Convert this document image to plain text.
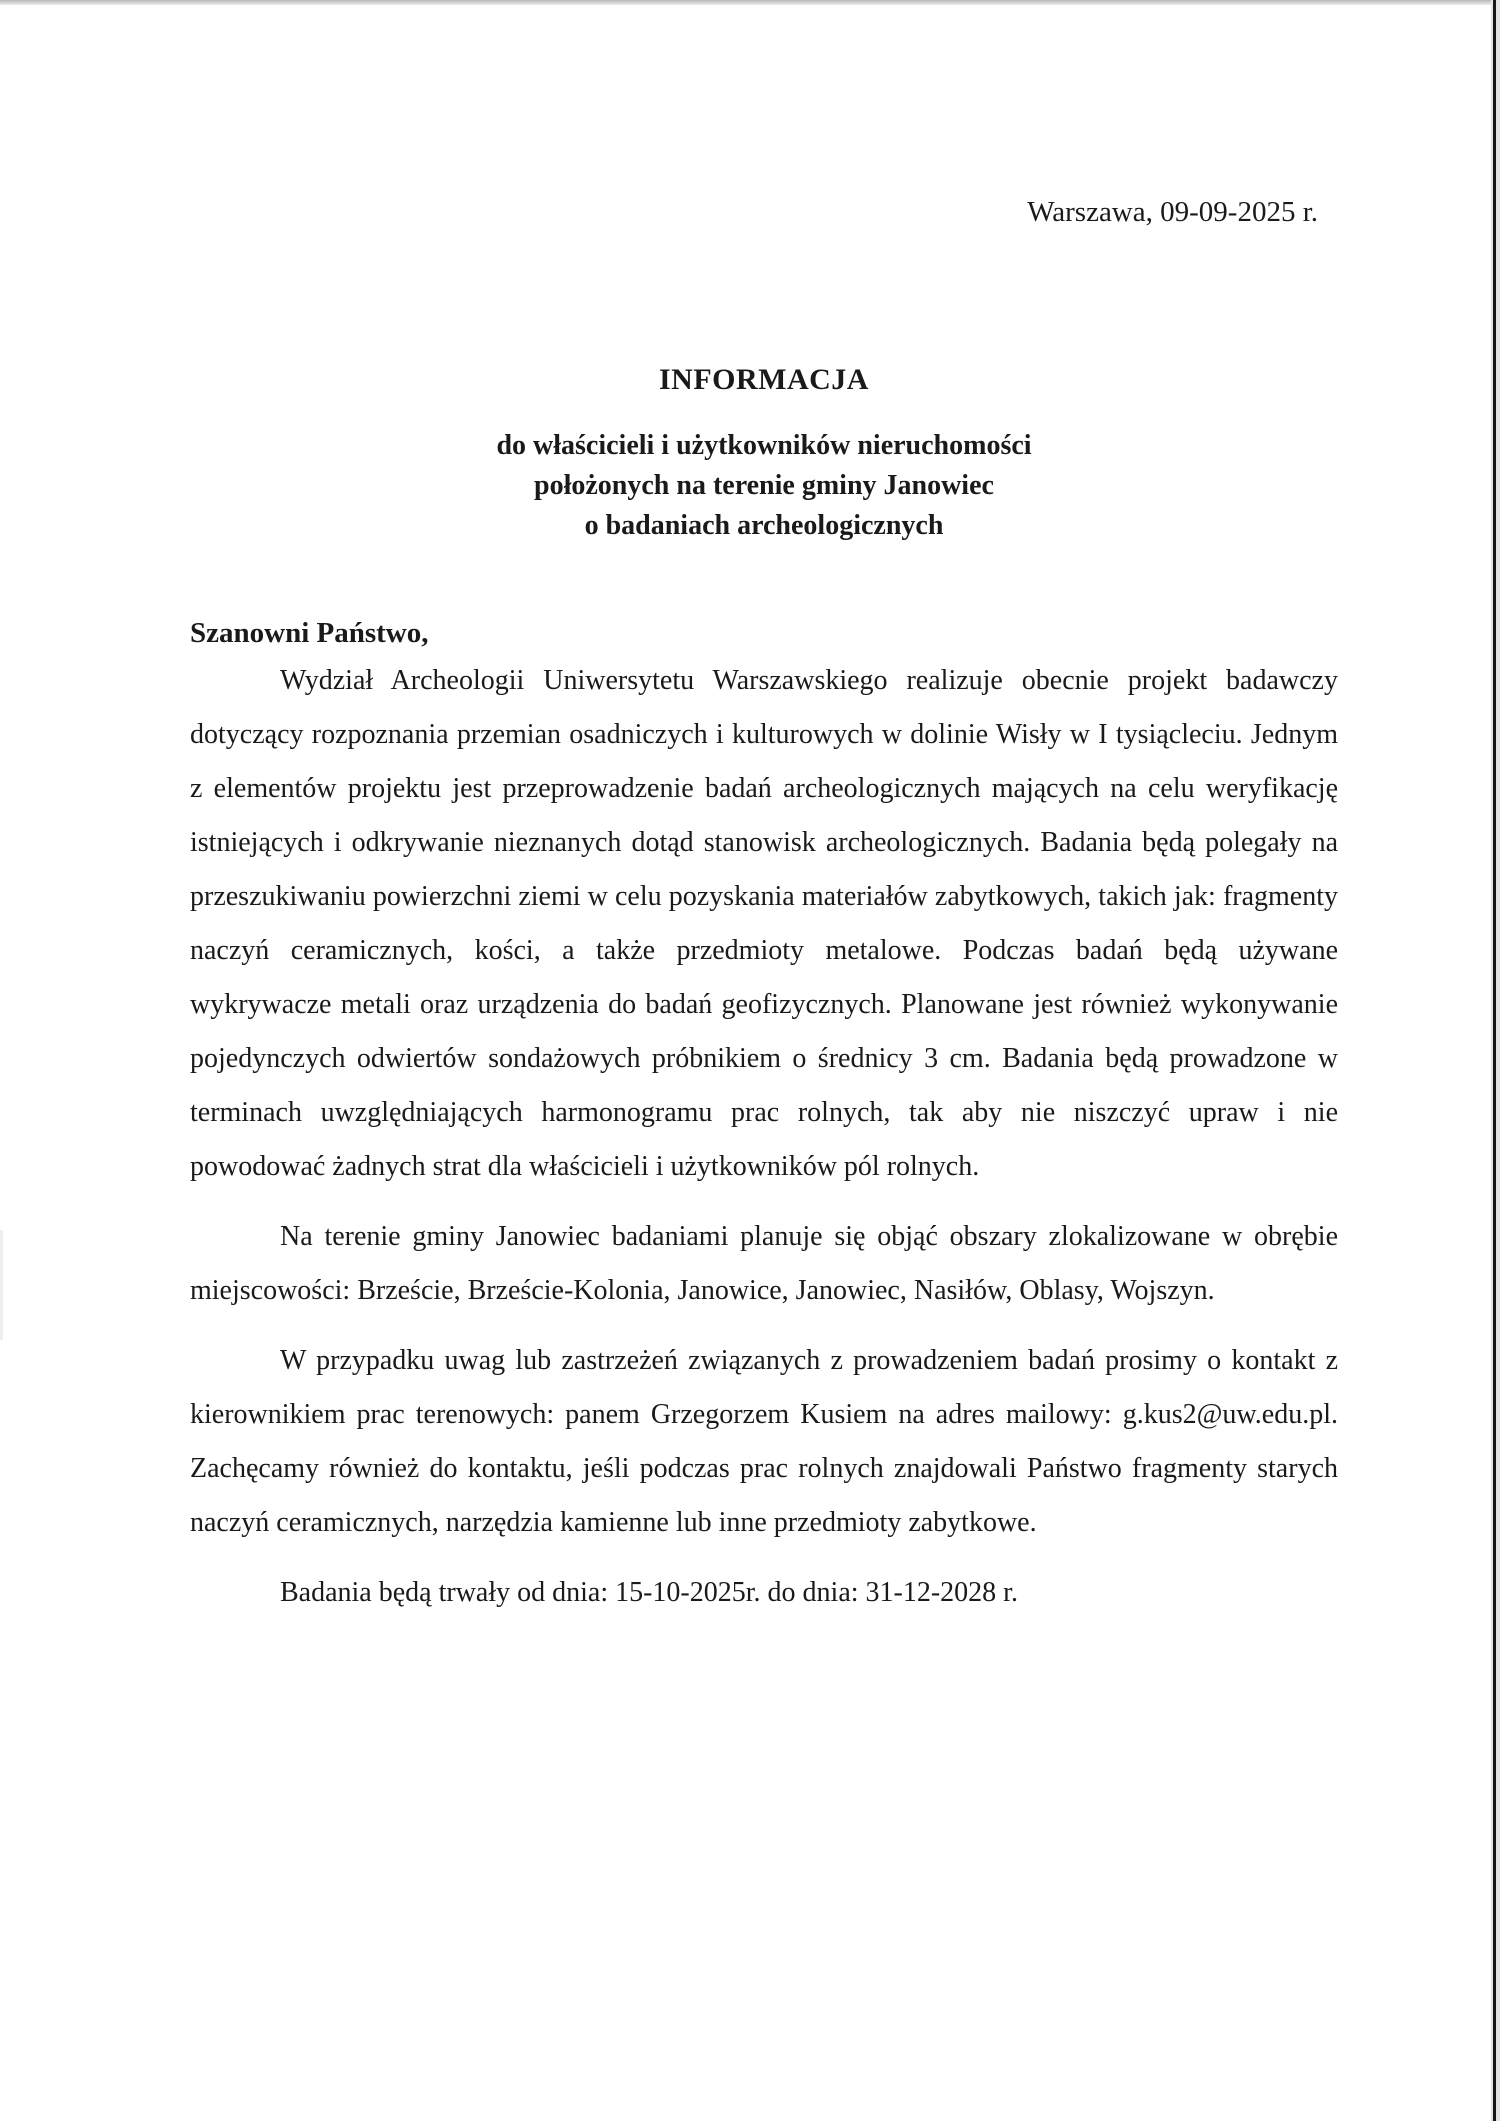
Warszawa, 09-09-2025 r.
INFORMACJA
do właścicieli i użytkowników nieruchomości
położonych na terenie gminy Janowiec
o badaniach archeologicznych

Szanowni Państwo,

Wydział Archeologii Uniwersytetu Warszawskiego realizuje obecnie projekt badawczy dotyczący rozpoznania przemian osadniczych i kulturowych w dolinie Wisły w I tysiącleciu. Jednym z elementów projektu jest przeprowadzenie badań archeologicznych mających na celu weryfikację istniejących i odkrywanie nieznanych dotąd stanowisk archeologicznych. Badania będą polegały na przeszukiwaniu powierzchni ziemi w celu pozyskania materiałów zabytkowych, takich jak: fragmenty naczyń ceramicznych, kości, a także przedmioty metalowe. Podczas badań będą używane wykrywacze metali oraz urządzenia do badań geofizycznych. Planowane jest również wykonywanie pojedynczych odwiertów sondażowych próbnikiem o średnicy 3 cm. Badania będą prowadzone w terminach uwzględniających harmonogramu prac rolnych, tak aby nie niszczyć upraw i nie powodować żadnych strat dla właścicieli i użytkowników pól rolnych.

Na terenie gminy Janowiec badaniami planuje się objąć obszary zlokalizowane w obrębie miejscowości: Brzeście, Brzeście-Kolonia, Janowice, Janowiec, Nasiłów, Oblasy, Wojszyn.

W przypadku uwag lub zastrzeżeń związanych z prowadzeniem badań prosimy o kontakt z kierownikiem prac terenowych: panem Grzegorzem Kusiem na adres mailowy: g.kus2@uw.edu.pl. Zachęcamy również do kontaktu, jeśli podczas prac rolnych znajdowali Państwo fragmenty starych naczyń ceramicznych, narzędzia kamienne lub inne przedmioty zabytkowe.

Badania będą trwały od dnia: 15-10-2025r. do dnia: 31-12-2028 r.
